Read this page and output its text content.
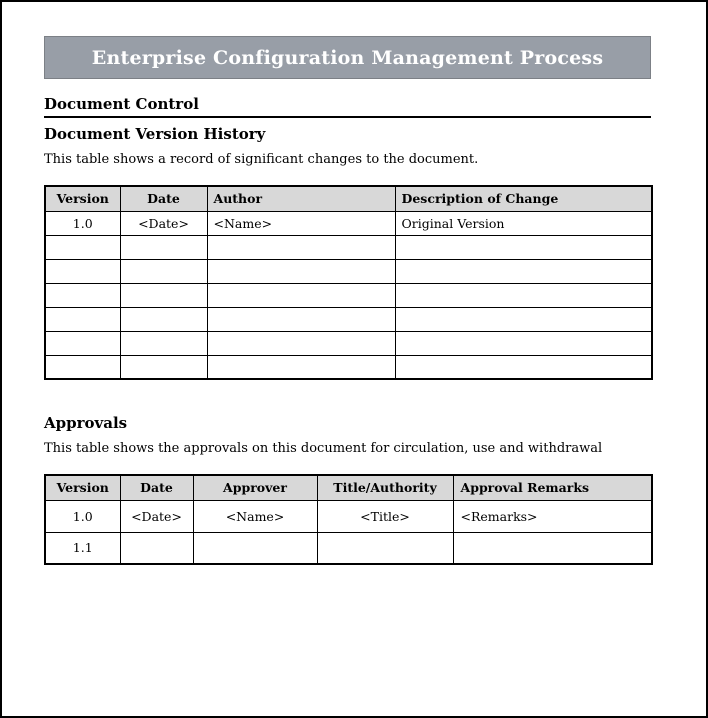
Enterprise Configuration Management Process
Document Control
Document Version History

This table shows a record of significant changes to the document.

Version	Date	Author	Description of Change
1.0	<Date>	<Name>	Original Version

Approvals

This table shows the approvals on this document for circulation, use and withdrawal

Version	Date	Approver	Title/Authority	Approval Remarks
1.0	<Date>	<Name>	<Title>	<Remarks>
1.1				
